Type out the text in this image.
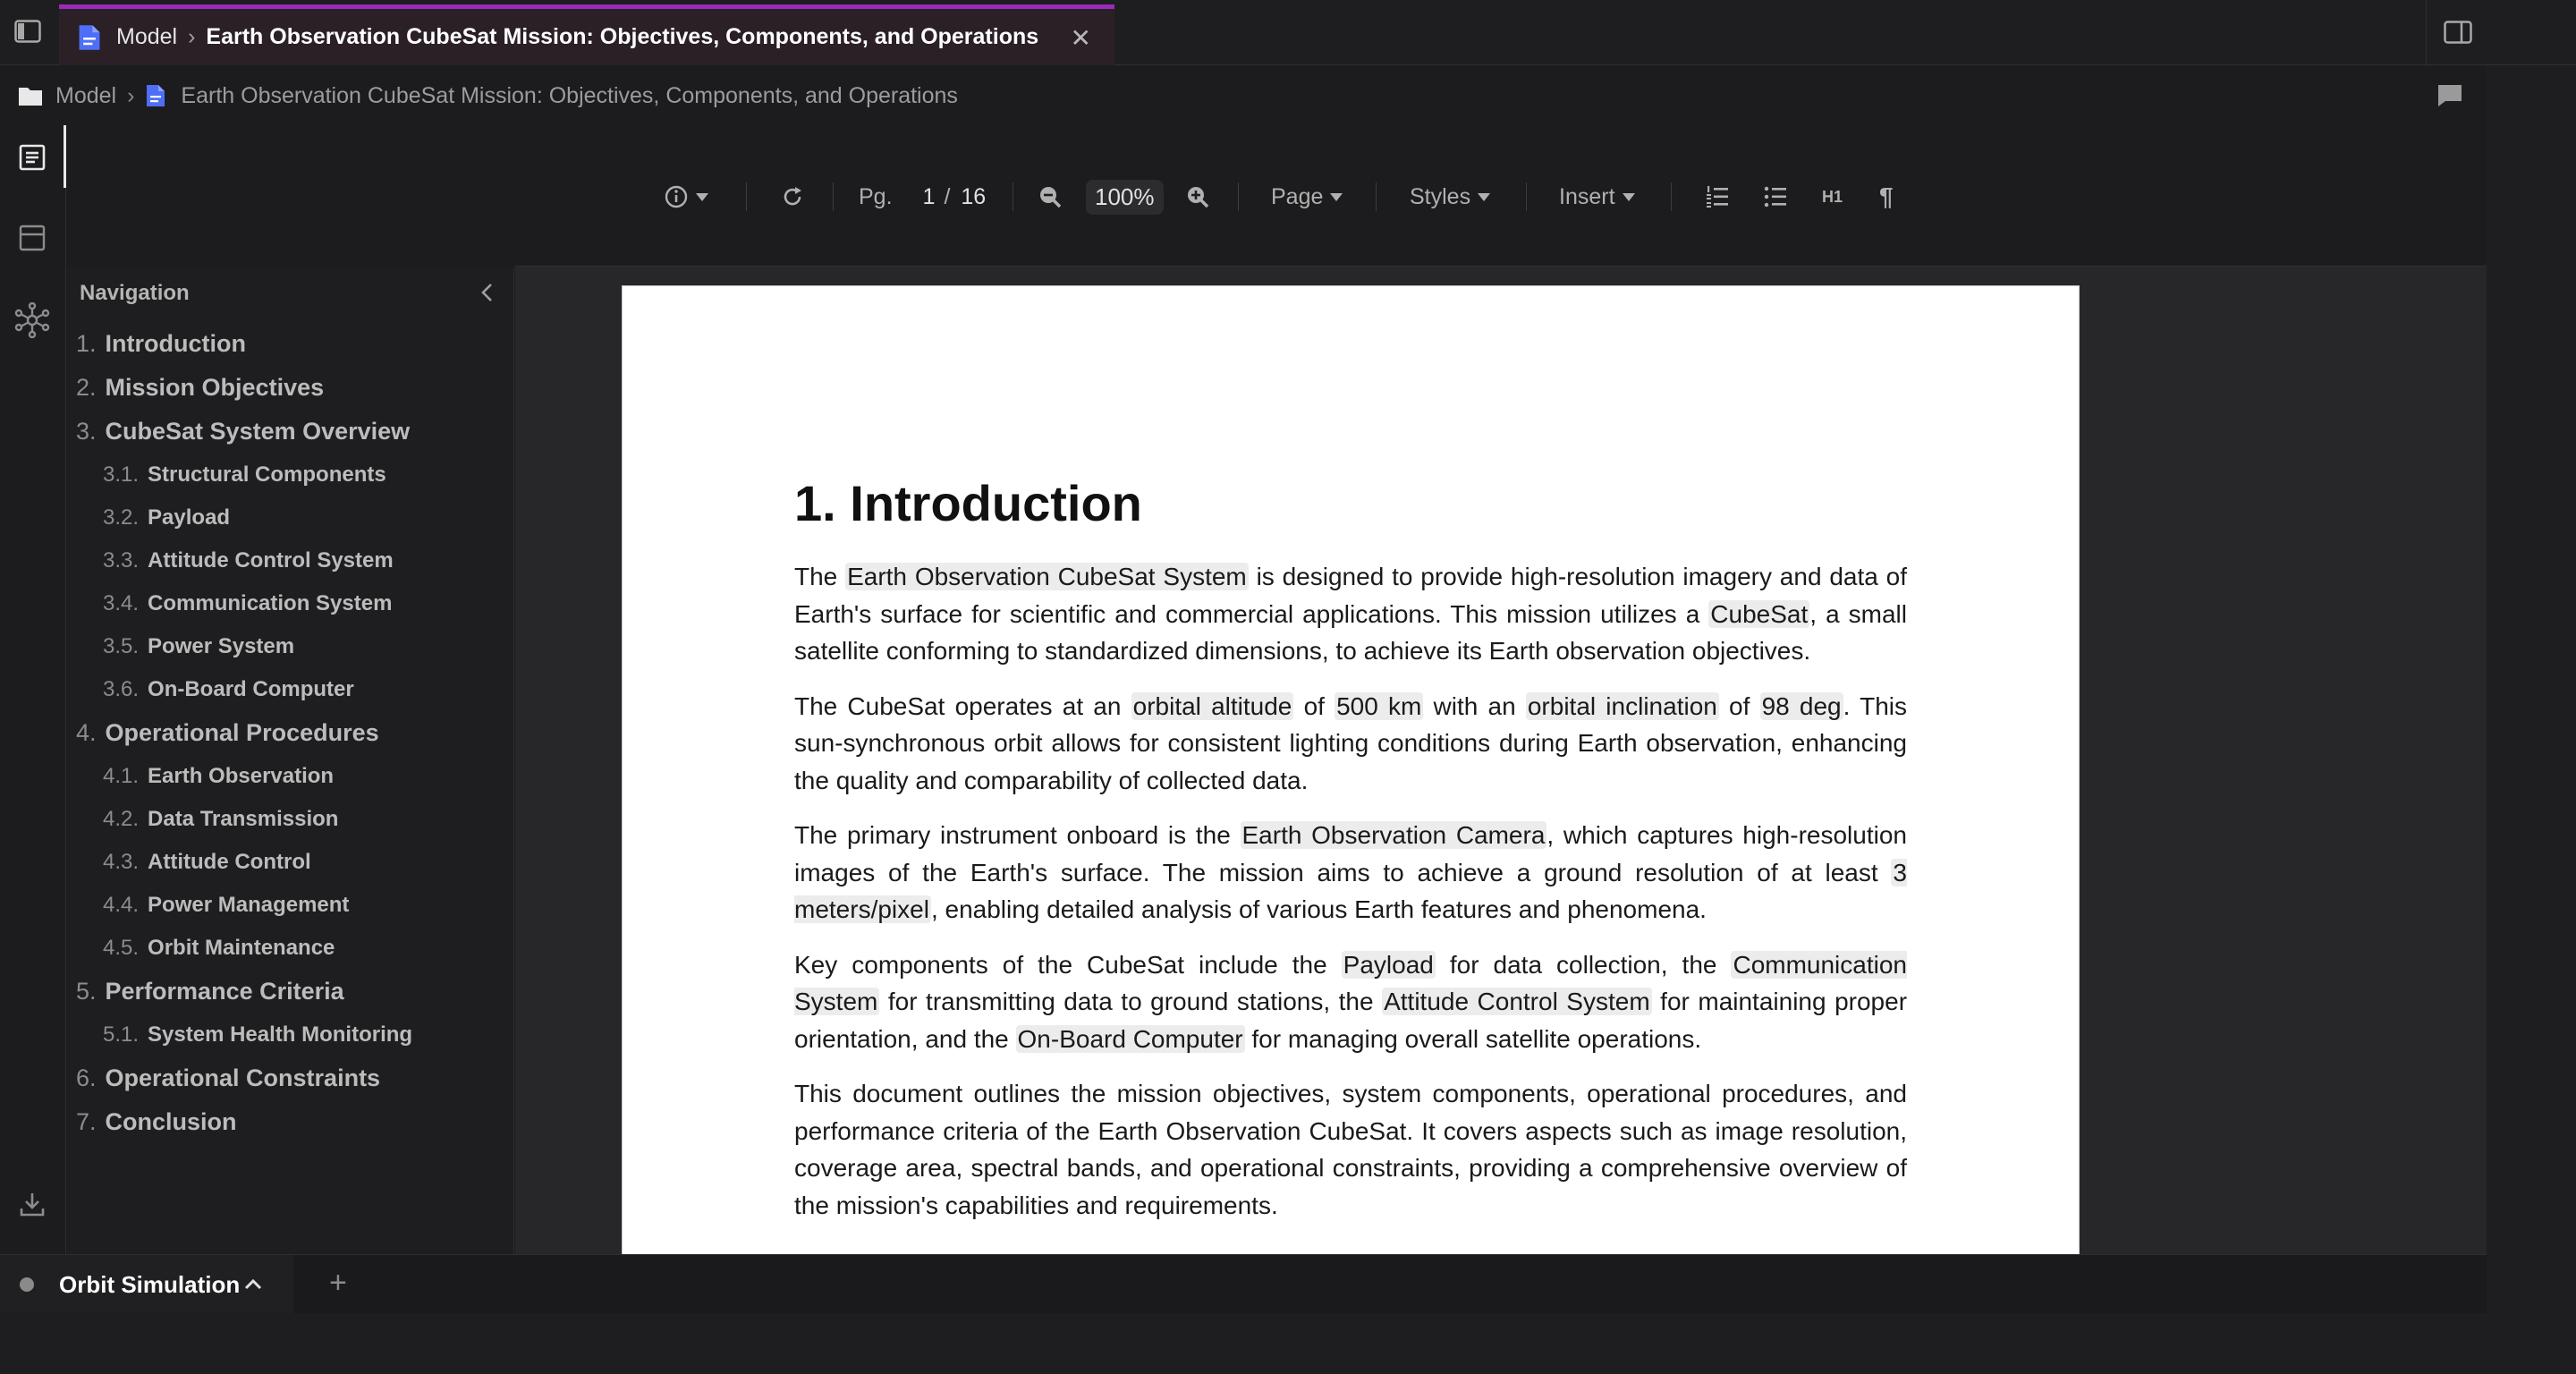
Model › Earth Observation CubeSat Mission: Objectives, Components, and Operations ✕
Model › Earth Observation CubeSat Mission: Objectives, Components, and Operations
Navigation
1. Introduction
2. Mission Objectives
3. CubeSat System Overview
3.1. Structural Components
3.2. Payload
3.3. Attitude Control System
3.4. Communication System
3.5. Power System
3.6. On-Board Computer
4. Operational Procedures
4.1. Earth Observation
4.2. Data Transmission
4.3. Attitude Control
4.4. Power Management
4.5. Orbit Maintenance
5. Performance Criteria
5.1. System Health Monitoring
6. Operational Constraints
7. Conclusion
Pg. 1 / 16	100%	Page	Styles	Insert	H1 ¶
1. Introduction

The Earth Observation CubeSat System is designed to provide high-resolution imagery and data of Earth's surface for scientific and commercial applications. This mission utilizes a CubeSat, a small satellite conforming to standardized dimensions, to achieve its Earth observation objectives.

The CubeSat operates at an orbital altitude of 500 km with an orbital inclination of 98 deg. This sun-synchronous orbit allows for consistent lighting conditions during Earth observation, enhancing the quality and comparability of collected data.

The primary instrument onboard is the Earth Observation Camera, which captures high-resolution images of the Earth's surface. The mission aims to achieve a ground resolution of at least 3 meters/pixel, enabling detailed analysis of various Earth features and phenomena.

Key components of the CubeSat include the Payload for data collection, the Communication System for transmitting data to ground stations, the Attitude Control System for maintaining proper orientation, and the On-Board Computer for managing overall satellite operations.

This document outlines the mission objectives, system components, operational procedures, and performance criteria of the Earth Observation CubeSat. It covers aspects such as image resolution, coverage area, spectral bands, and operational constraints, providing a comprehensive overview of the mission's capabilities and requirements.

Orbit Simulation	+
